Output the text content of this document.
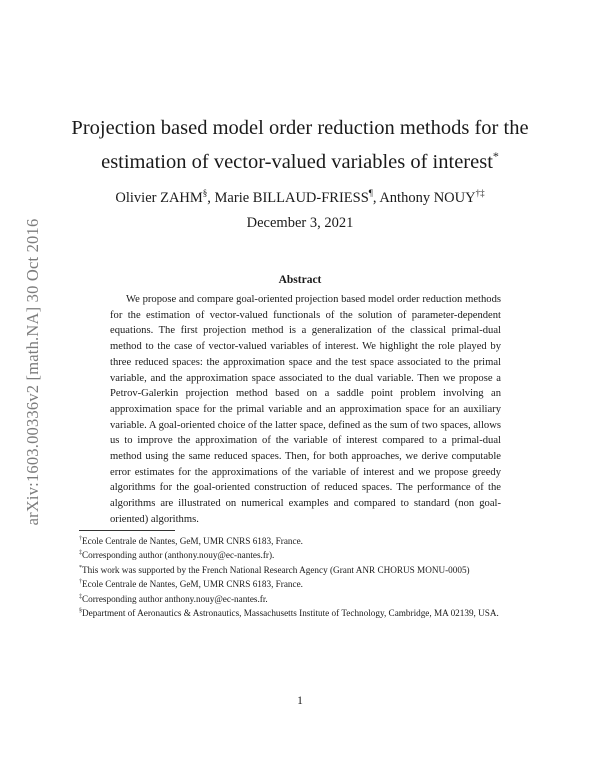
arXiv:1603.00336v2 [math.NA] 30 Oct 2016
Projection based model order reduction methods for the
estimation of vector-valued variables of interest*
Olivier ZAHM§, Marie BILLAUD-FRIESS¶, Anthony NOUY†‡
December 3, 2021
Abstract

We propose and compare goal-oriented projection based model order reduction methods for the estimation of vector-valued functionals of the solution of parameter-dependent equations. The first projection method is a generalization of the classical primal-dual method to the case of vector-valued variables of interest. We highlight the role played by three reduced spaces: the approximation space and the test space associated to the primal variable, and the approximation space associated to the dual variable. Then we propose a Petrov-Galerkin projection method based on a saddle point problem involving an approximation space for the primal variable and an approximation space for an auxiliary variable. A goal-oriented choice of the latter space, defined as the sum of two spaces, allows us to improve the approximation of the variable of interest compared to a primal-dual method using the same reduced spaces. Then, for both approaches, we derive computable error estimates for the approximations of the variable of interest and we propose greedy algorithms for the goal-oriented construction of reduced spaces. The performance of the algorithms are illustrated on numerical examples and compared to standard (non goal-oriented) algorithms.

†Ecole Centrale de Nantes, GeM, UMR CNRS 6183, France.
‡Corresponding author (anthony.nouy@ec-nantes.fr).
*This work was supported by the French National Research Agency (Grant ANR CHORUS MONU-0005)
†Ecole Centrale de Nantes, GeM, UMR CNRS 6183, France.
‡Corresponding author anthony.nouy@ec-nantes.fr.
§Department of Aeronautics & Astronautics, Massachusetts Institute of Technology, Cambridge, MA 02139, USA.
1
